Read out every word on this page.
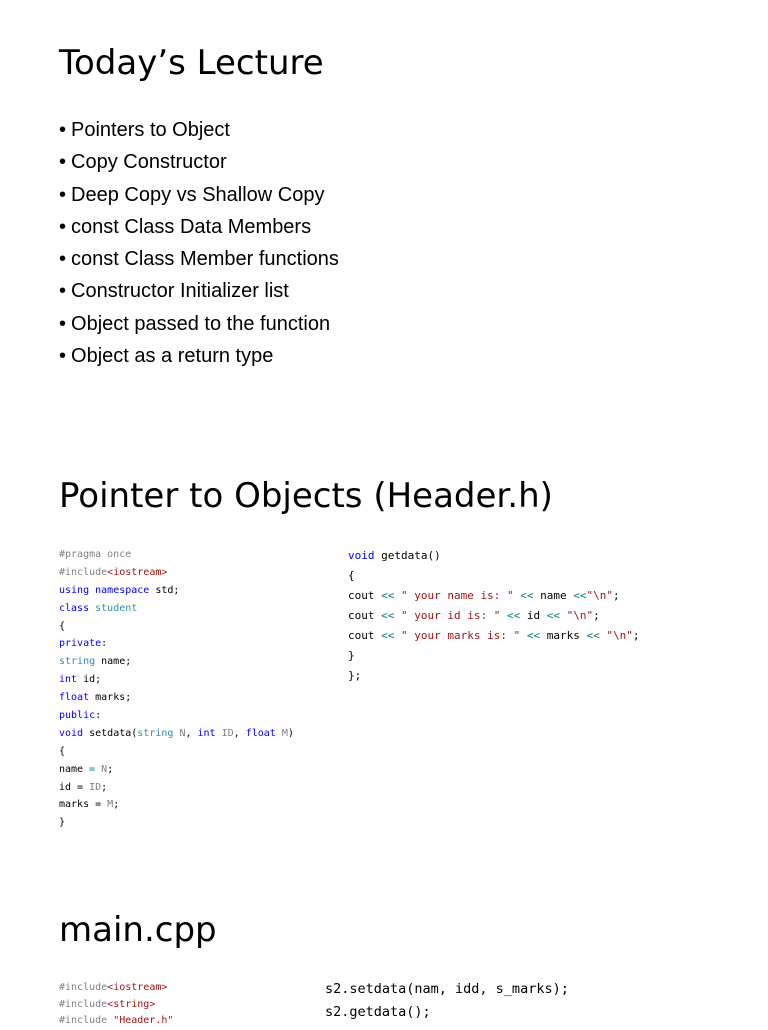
Today’s Lecture
• Pointers to Object
• Copy Constructor
• Deep Copy vs Shallow Copy
• const Class Data Members
• const Class Member functions
• Constructor Initializer list
• Object passed to the function
• Object as a return type
Pointer to Objects (Header.h)
#pragma once
#include<iostream>
using namespace std;
class student
{
private:
string name;
int id;
float marks;
public:
void setdata(string N, int ID, float M)
{
name = N;
id = ID;
marks = M;
}
void getdata()
{
cout << " your name is: " << name <<"\n";
cout << " your id is: " << id << "\n";
cout << " your marks is: " << marks << "\n";
}
};
main.cpp
#include<iostream>
#include<string>
#include "Header.h"
s2.setdata(nam, idd, s_marks);
s2.getdata();
